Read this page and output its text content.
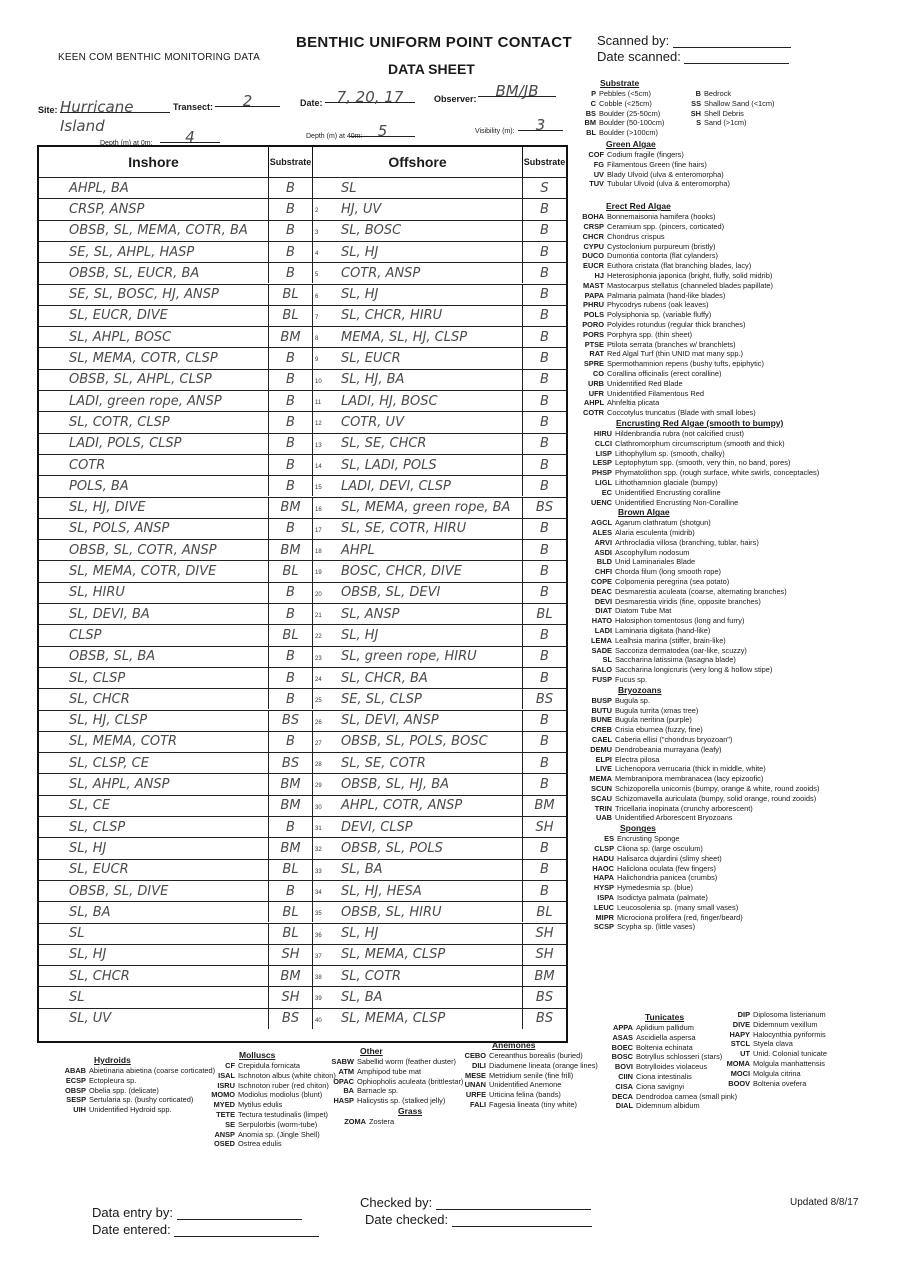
KEEN COM BENTHIC MONITORING DATA
BENTHIC UNIFORM POINT CONTACT
DATA SHEET
Scanned by:
Date scanned:
Site: Hurricane Island
Transect:	2	Date: 7, 20, 17	Observer:	BM/JB
Depth (m) at 0m:	4	Depth (m) at 40m:	5	Visibility (m):	3
Inshore	Substrate	Offshore	Substrate
AHPL, BA	B	SL	S
CRSP, ANSP	B	HJ, UV	B
2
OBSB, SL, MEMA, COTR, BA	B	SL, BOSC	B
3
SE, SL, AHPL, HASP	B	SL, HJ	B
4
OBSB, SL, EUCR, BA	B	COTR, ANSP	B
5
SE, SL, BOSC, HJ, ANSP	BL	SL, HJ	B
6
SL, EUCR, DIVE	BL	SL, CHCR, HIRU	B
7
SL, AHPL, BOSC	BM	MEMA, SL, HJ, CLSP	B
8
SL, MEMA, COTR, CLSP	B	SL, EUCR	B
9
OBSB, SL, AHPL, CLSP	B	SL, HJ, BA	B
10
LADI, green rope, ANSP	B	LADI, HJ, BOSC	B
11
SL, COTR, CLSP	B	COTR, UV	B
12
LADI, POLS, CLSP	B	SL, SE, CHCR	B
13
COTR	B	SL, LADI, POLS	B
14
POLS, BA	B	LADI, DEVI, CLSP	B
15
SL, HJ, DIVE	BM	SL, MEMA, green rope, BA	BS
16
SL, POLS, ANSP	B	SL, SE, COTR, HIRU	B
17
OBSB, SL, COTR, ANSP	BM	AHPL	B
18
SL, MEMA, COTR, DIVE	BL	BOSC, CHCR, DIVE	B
19
SL, HIRU	B	OBSB, SL, DEVI	B
20
SL, DEVI, BA	B	SL, ANSP	BL
21
CLSP	BL	SL, HJ	B
22
OBSB, SL, BA	B	SL, green rope, HIRU	B
23
SL, CLSP	B	SL, CHCR, BA	B
24
SL, CHCR	B	SE, SL, CLSP	BS
25
SL, HJ, CLSP	BS	SL, DEVI, ANSP	B
26
SL, MEMA, COTR	B	OBSB, SL, POLS, BOSC	B
27
SL, CLSP, CE	BS	SL, SE, COTR	B
28
SL, AHPL, ANSP	BM	OBSB, SL, HJ, BA	B
29
SL, CE	BM	AHPL, COTR, ANSP	BM
30
SL, CLSP	B	DEVI, CLSP	SH
31
SL, HJ	BM	OBSB, SL, POLS	B
32
SL, EUCR	BL	SL, BA	B
33
OBSB, SL, DIVE	B	SL, HJ, HESA	B
34
SL, BA	BL	OBSB, SL, HIRU	BL
35
SL	BL	SL, HJ	SH
36
SL, HJ	SH	SL, MEMA, CLSP	SH
37
SL, CHCR	BM	SL, COTR	BM
38
SL	SH	SL, BA	BS
39
SL, UV	BS	SL, MEMA, CLSP	BS
40
Substrate
P Pebbles (<5cm)
C Cobble (<25cm)
BS Boulder (25-50cm)
BM Boulder (50-100cm)
BL Boulder (>100cm)
B Bedrock
SS Shallow Sand (<1cm)
SH Shell Debris
S Sand (>1cm)
Green Algae
COF Codium fragile (fingers)
FG Filamentous Green (fine hairs)
UV Blady Ulvoid (ulva & enteromorpha)
TUV Tubular Ulvoid (ulva & enteromorpha)
Erect Red Algae
BOHA Bonnemaisonia hamifera (hooks)
CRSP Ceramium spp. (pincers, corticated)
CHCR Chondrus crispus
CYPU Cystoclonium purpureum (bristly)
DUCO Dumontia contorta (flat cylanders)
EUCR Euthora cristata (flat branching blades, lacy)
HJ Heterosiphonia japonica (bright, fluffy, solid midrib)
MAST Mastocarpus stellatus (channeled blades papillate)
PAPA Palmaria palmata (hand-like blades)
PHRU Phycodrys rubens (oak leaves)
POLS Polysiphonia sp. (variable fluffy)
PORO Polyides rotundus (regular thick branches)
PORS Porphyra spp. (thin sheet)
PTSE Ptilota serrata (branches w/ branchlets)
RAT Red Algal Turf (thin UNID mat many spp.)
SPRE Spermothamnion repens (bushy tufts, epiphytic)
CO Corallina officinalis (erect coralline)
URB Unidentified Red Blade
UFR Unidentified Filamentous Red
AHPL Ahnfeltia plicata
COTR Coccotylus truncatus (Blade with small lobes)
Encrusting Red Algae (smooth to bumpy)
HIRU Hildenbrandia rubra (not calcified crust)
CLCI Clathromorphum circumscriptum (smooth and thick)
LISP Lithophyllum sp. (smooth, chalky)
LESP Leptophytum spp. (smooth, very thin, no band, pores)
PHSP Phymatolithon spp. (rough surface, white swirls, conceptacles)
LIGL Lithothamnion glaciale (bumpy)
EC Unidentified Encrusting coralline
UENC Unidentified Encrusting Non-Coralline
Brown Algae
AGCL Agarum clathratum (shotgun)
ALES Alaria esculenta (midrib)
ARVI Arthrocladia villosa (branching, tublar, hairs)
ASDI Ascophyllum nodosum
BLD Unid Laminariales Blade
CHFI Chorda filum (long smooth rope)
COPE Colpomenia peregrina (sea potato)
DEAC Desmarestia aculeata (coarse, alternating branches)
DEVI Desmarestia viridis (fine, opposite branches)
DIAT Diatom Tube Mat
HATO Halosiphon tomentosus (long and furry)
LADI Laminaria digitata (hand-like)
LEMA Lealhsia marina (stiffer, brain-like)
SADE Saccoriza dermatodea (oar-like, scuzzy)
SL Saccharina latissima (lasagna blade)
SALO Saccharina longicruris (very long & hollow stipe)
FUSP Fucus sp.
Bryozoans
BUSP Bugula sp.
BUTU Bugula turrita (xmas tree)
BUNE Bugula neritina (purple)
CREB Crisia eburnea (fuzzy, fine)
CAEL Caberia ellisi ("chondrus bryozoan")
DEMU Dendrobeania murrayana (leafy)
ELPI Electra pilosa
LIVE Lichenopora verrucaria (thick in middle, white)
MEMA Membranipora membranacea (lacy epizoofic)
SCUN Schizoporella unicornis (bumpy, orange & white, round zooids)
SCAU Schizomavella auriculata (bumpy, solid orange, round zooids)
TRIN Tricellaria inopinata (crunchy arborescent)
UAB Unidentified Arborescent Bryozoans
Sponges
ES Encrusting Sponge
CLSP Cliona sp. (large osculum)
HADU Halisarca dujardini (slimy sheet)
HAOC Haliclona oculata (few fingers)
HAPA Halichondria panicea (crumbs)
HYSP Hymedesmia sp. (blue)
ISPA Isodictya palmata (palmate)
LEUC Leucosolenia sp. (many small vases)
MIPR Microciona prolifera (red, finger/beard)
SCSP Scypha sp. (little vases)
Tunicates
APPA Aplidium pallidum
ASAS Ascidiella aspersa
BOEC Boltenia echinata
BOSC Botryllus schlosseri (stars)
BOVI Botrylloides violaceus
CIIN Ciona intestinalis
CISA Ciona savignyi
DECA Dendrodoa carnea (small pink)
DIAL Didemnum albidum
DIP Diplosoma listerianum
DIVE Didemnum vexillum
HAPY Halocynthia pyriformis
STCL Styela clava
UT Unid. Colonial tunicate
MOMA Molgula manhattensis
MOCI Molgula citrina
BOOV Boltenia ovefera
Hydroids
ABAB Abietinaria abietina (coarse corticated)
ECSP Ectopleura sp.
OBSP Obelia spp. (delicate)
SESP Sertularia sp. (bushy corticated)
UIH Unidentified Hydroid spp.
Molluscs
CF Crepidula fornicata
ISAL Ischnoton albus (white chiton)
ISRU Ischnoton ruber (red chiton)
MOMO Modiolus modiolus (blunt)
MYED Mytilus edulis
TETE Tectura testudinalis (limpet)
SE Serpulorbis (worm-tube)
ANSP Anomia sp. (Jingle Shell)
OSED Ostrea edulis
Other
SABW Sabellid worm (feather duster)
ATM Amphipod tube mat
OPAC Ophiopholis aculeata (brittlestar)
BA Barnacle sp.
HASP Halicystis sp. (stalked jelly)
Grass
ZOMA Zostera
Anemones
CEBO Cereanthus borealis (buried)
DILI Diadumene lineata (orange lines)
MESE Metridium senile (fine frill)
UNAN Unidentified Anemone
URFE Urticina felina (bands)
FALI Fagesia lineata (tiny white)
Data entry by:
Date entered:
Checked by:
Date checked:
Updated 8/8/17
